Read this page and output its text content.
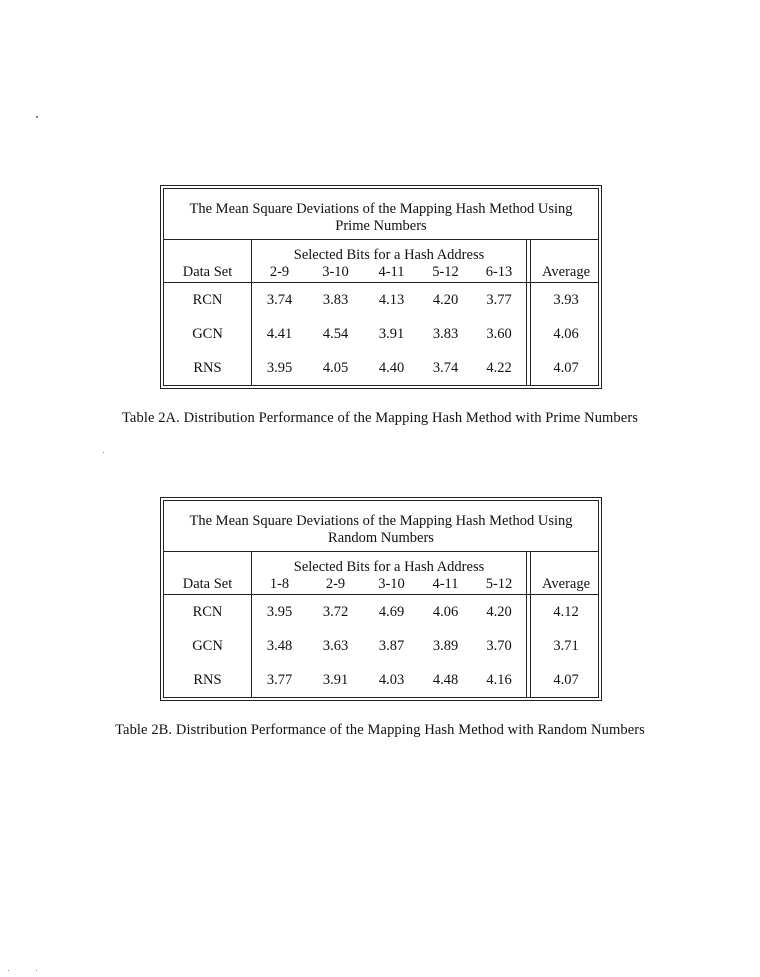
The Mean Square Deviations of the Mapping Hash Method Using Prime Numbers
Selected Bits for a Hash Address
Data Set	2-9	3-10	4-11	5-12	6-13	Average
RCN	3.74	3.83	4.13	4.20	3.77	3.93
GCN	4.41	4.54	3.91	3.83	3.60	4.06
RNS	3.95	4.05	4.40	3.74	4.22	4.07
Table 2A. Distribution Performance of the Mapping Hash Method with Prime Numbers
The Mean Square Deviations of the Mapping Hash Method Using Random Numbers
Selected Bits for a Hash Address
Data Set	1-8	2-9	3-10	4-11	5-12	Average
RCN	3.95	3.72	4.69	4.06	4.20	4.12
GCN	3.48	3.63	3.87	3.89	3.70	3.71
RNS	3.77	3.91	4.03	4.48	4.16	4.07
Table 2B. Distribution Performance of the Mapping Hash Method with Random Numbers
